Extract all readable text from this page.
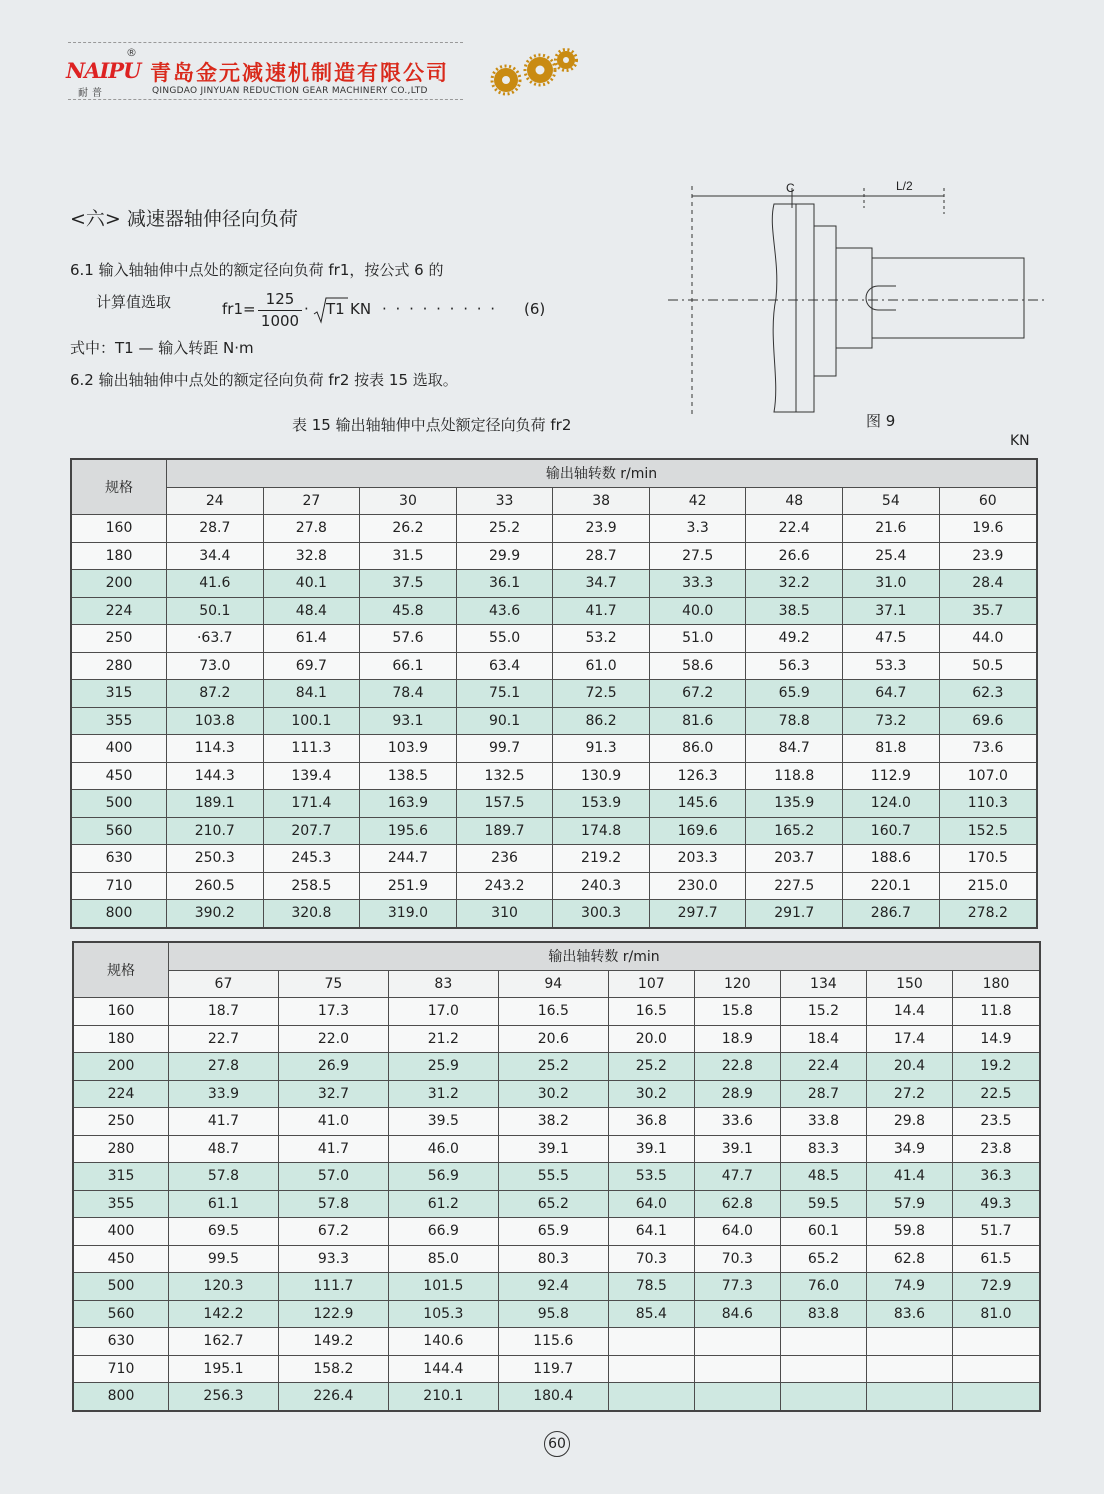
NAIPU
耐普
®
青岛金元减速机制造有限公司
QINGDAO JINYUAN REDUCTION GEAR MACHINERY CO.,LTD
<六> 减速器轴伸径向负荷
6.1 输入轴轴伸中点处的额定径向负荷 fr1，按公式 6 的
计算值选取	fr1=
125
1000
· T1 KN · · · · · · · · · (6)
式中：T1 — 输入转距 N·m
6.2 输出轴轴伸中点处的额定径向负荷 fr2 按表 15 选取。
C	L/2
图 9
表 15 输出轴轴伸中点处额定径向负荷 fr2
KN
规格	输出轴转数 r/min								
	24	27	30	33	38	42	48	54	60
160	28.7	27.8	26.2	25.2	23.9	3.3	22.4	21.6	19.6
180	34.4	32.8	31.5	29.9	28.7	27.5	26.6	25.4	23.9
200	41.6	40.1	37.5	36.1	34.7	33.3	32.2	31.0	28.4
224	50.1	48.4	45.8	43.6	41.7	40.0	38.5	37.1	35.7
250	·63.7	61.4	57.6	55.0	53.2	51.0	49.2	47.5	44.0
280	73.0	69.7	66.1	63.4	61.0	58.6	56.3	53.3	50.5
315	87.2	84.1	78.4	75.1	72.5	67.2	65.9	64.7	62.3
355	103.8	100.1	93.1	90.1	86.2	81.6	78.8	73.2	69.6
400	114.3	111.3	103.9	99.7	91.3	86.0	84.7	81.8	73.6
450	144.3	139.4	138.5	132.5	130.9	126.3	118.8	112.9	107.0
500	189.1	171.4	163.9	157.5	153.9	145.6	135.9	124.0	110.3
560	210.7	207.7	195.6	189.7	174.8	169.6	165.2	160.7	152.5
630	250.3	245.3	244.7	236	219.2	203.3	203.7	188.6	170.5
710	260.5	258.5	251.9	243.2	240.3	230.0	227.5	220.1	215.0
800	390.2	320.8	319.0	310	300.3	297.7	291.7	286.7	278.2
规格	输出轴转数 r/min								
	67	75	83	94	107	120	134	150	180
160	18.7	17.3	17.0	16.5	16.5	15.8	15.2	14.4	11.8
180	22.7	22.0	21.2	20.6	20.0	18.9	18.4	17.4	14.9
200	27.8	26.9	25.9	25.2	25.2	22.8	22.4	20.4	19.2
224	33.9	32.7	31.2	30.2	30.2	28.9	28.7	27.2	22.5
250	41.7	41.0	39.5	38.2	36.8	33.6	33.8	29.8	23.5
280	48.7	41.7	46.0	39.1	39.1	39.1	83.3	34.9	23.8
315	57.8	57.0	56.9	55.5	53.5	47.7	48.5	41.4	36.3
355	61.1	57.8	61.2	65.2	64.0	62.8	59.5	57.9	49.3
400	69.5	67.2	66.9	65.9	64.1	64.0	60.1	59.8	51.7
450	99.5	93.3	85.0	80.3	70.3	70.3	65.2	62.8	61.5
500	120.3	111.7	101.5	92.4	78.5	77.3	76.0	74.9	72.9
560	142.2	122.9	105.3	95.8	85.4	84.6	83.8	83.6	81.0
630	162.7	149.2	140.6	115.6					
710	195.1	158.2	144.4	119.7					
800	256.3	226.4	210.1	180.4					
60
